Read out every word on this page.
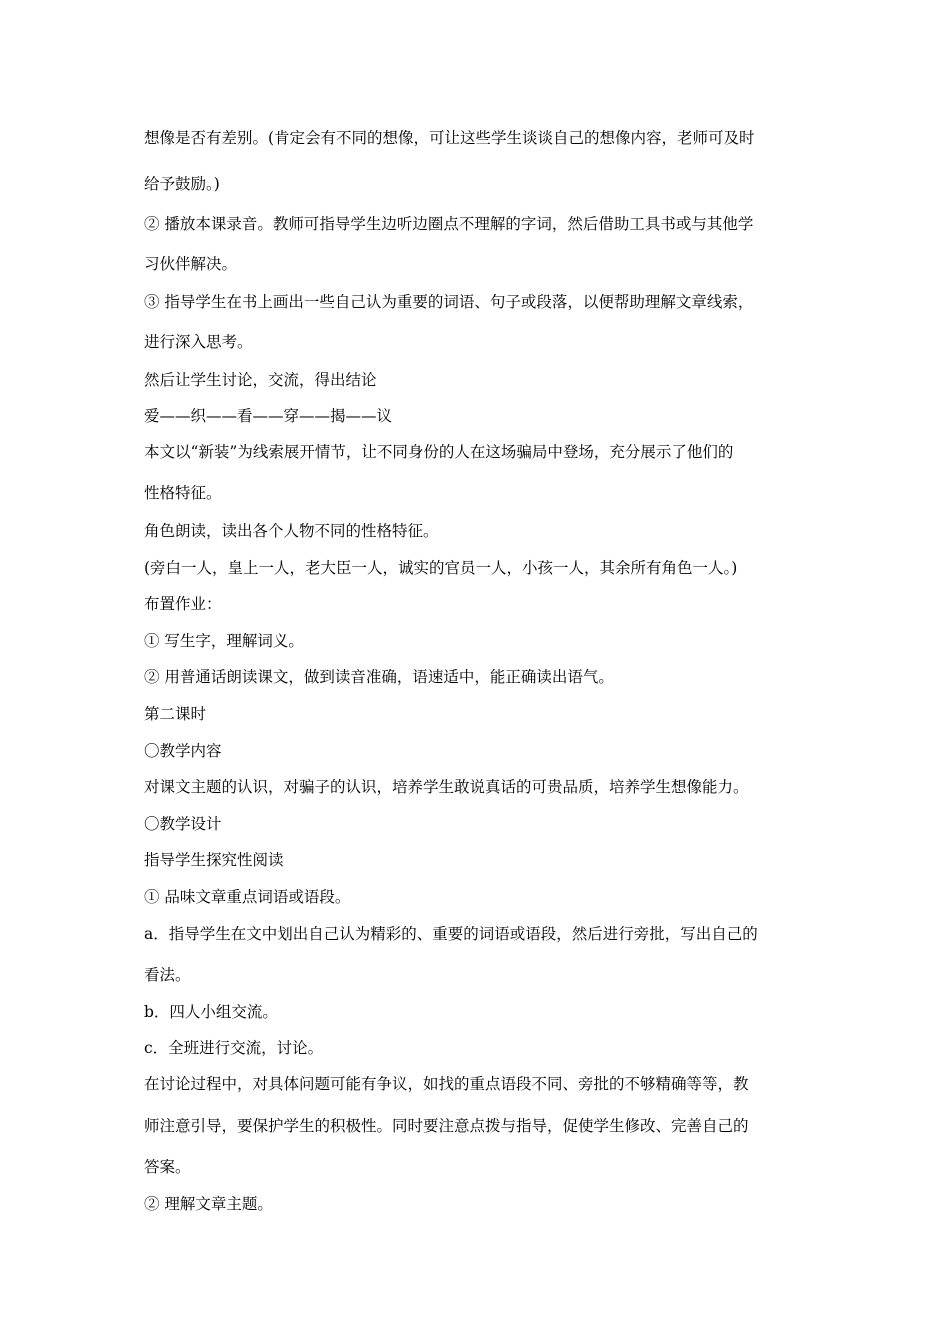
想像是否有差别。(肯定会有不同的想像，可让这些学生谈谈自己的想像内容，老师可及时

给予鼓励。)

② 播放本课录音。教师可指导学生边听边圈点不理解的字词，然后借助工具书或与其他学

习伙伴解决。

③ 指导学生在书上画出一些自己认为重要的词语、句子或段落，以便帮助理解文章线索，

进行深入思考。

然后让学生讨论，交流，得出结论

爱——织——看——穿——揭——议

本文以“新装”为线索展开情节，让不同身份的人在这场骗局中登场，充分展示了他们的

性格特征。

角色朗读，读出各个人物不同的性格特征。

(旁白一人，皇上一人，老大臣一人，诚实的官员一人，小孩一人，其余所有角色一人。)

布置作业：

① 写生字，理解词义。

② 用普通话朗读课文，做到读音准确，语速适中，能正确读出语气。

第二课时

〇教学内容

对课文主题的认识，对骗子的认识，培养学生敢说真话的可贵品质，培养学生想像能力。

〇教学设计

指导学生探究性阅读

① 品味文章重点词语或语段。

a．指导学生在文中划出自己认为精彩的、重要的词语或语段，然后进行旁批，写出自己的

看法。

b．四人小组交流。

c．全班进行交流，讨论。

在讨论过程中，对具体问题可能有争议，如找的重点语段不同、旁批的不够精确等等，教

师注意引导，要保护学生的积极性。同时要注意点拨与指导，促使学生修改、完善自己的

答案。

② 理解文章主题。
